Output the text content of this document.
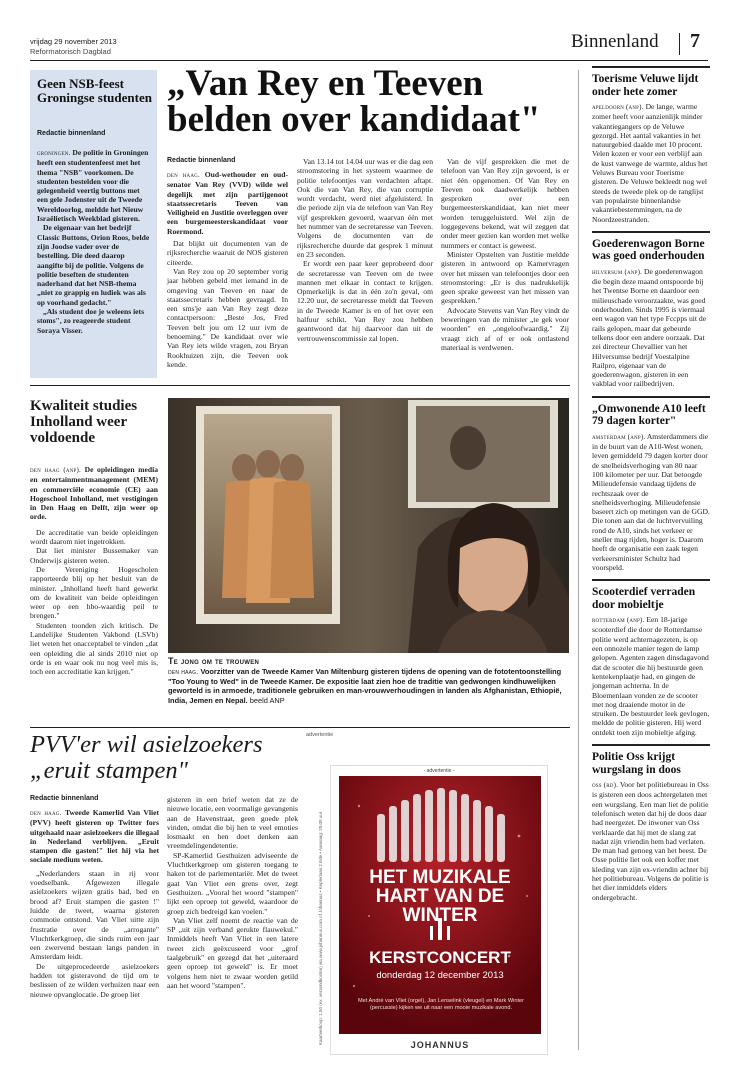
vrijdag 29 november 2013
Reformatorisch Dagblad	Binnenland 7
Geen NSB-feest Groningse studenten
Redactie binnenland
groningen. De politie in Groningen heeft een studentenfeest met het thema "NSB" voorkomen. De studenten bestelden voor die gelegenheid veertig buttons met een gele Jodenster uit de Tweede Wereldoorlog, meldde het Nieuw Israëlietisch Weekblad gisteren.

De eigenaar van het bedrijf Classic Buttons, Orion Roos, belde zijn Joodse vader over de bestelling. Die deed daarop aangifte bij de politie. Volgens de politie beseften de studenten naderhand dat het NSB-thema „niet zo grappig en ludiek was als op voorhand gedacht."

„Als student doe je weleens iets stoms", zo reageerde student Soraya Visser.

„Van Rey en Teeven belden over kandidaat"
Redactie binnenland
den haag. Oud-wethouder en oud-senator Van Rey (VVD) wilde wel degelijk met zijn partijgenoot staatssecretaris Teeven van Veiligheid en Justitie overleggen over een burgemeesterskandidaat voor Roermond.

Dat blijkt uit documenten van de rijksrecherche waaruit de NOS gisteren citeerde.

Van Rey zou op 20 september vorig jaar hebben gebeld met iemand in de omgeving van Teeven en naar de staatssecretaris hebben gevraagd. In een sms'je aan Van Rey zegt deze contactpersoon: „Beste Jos, Fred Teeven belt jou om 12 uur ivm de benoeming." De kandidaat over wie Van Rey iets wilde vragen, zou Bryan Rookhuizen zijn, die Teeven ook kende.

Van 13.14 tot 14.04 uur was er die dag een stroomstoring in het systeem waarmee de politie telefoontjes van verdachten aftapt. Ook die van Van Rey, die van corruptie wordt verdacht, werd niet afgeluisterd. In die periode zijn via de telefoon van Van Rey vijf gesprekken gevoerd, waarvan één met het nummer van de secretaresse van Teeven. Volgens de documenten van de rijksrecherche duurde dat gesprek 1 minuut en 23 seconden.

Er wordt een paar keer geprobeerd door de secretaresse van Teeven om de twee mannen met elkaar in contact te krijgen. Opmerkelijk is dat in één zo'n geval, om 12.20 uur, de secretaresse meldt dat Teeven in de Tweede Kamer is en of het over een halfuur schikt. Van Rey zou hebben geantwoord dat hij daarvoor dan uit de vertrouwenscommissie zal lopen.

Van de vijf gesprekken die met de telefoon van Van Rey zijn gevoerd, is er niet één opgenomen. Of Van Rey en Teeven ook daadwerkelijk hebben gesproken over een burgemeesterskandidaat, kan niet meer worden teruggeluisterd. Wel zijn de loggegevens bekend, wat wil zeggen dat onder meer gezien kan worden met welke nummers er contact is geweest.

Minister Opstelten van Justitie meldde gisteren in antwoord op Kamervragen over het missen van telefoontjes door een stroomstoring: „Er is dus nadrukkelijk geen sprake geweest van het missen van gesprekken."

Advocate Stevens van Van Rey vindt de beweringen van de minister „te gek voor woorden" en „ongeloofwaardig." Zij vraagt zich af of er ook ontlastend materiaal is verdwenen.

Kwaliteit studies Inholland weer voldoende
den haag (anp). De opleidingen media en entertainmentmanagement (MEM) en commerciële economie (CE) aan Hogeschool Inholland, met vestigingen in Den Haag en Delft, zijn weer op orde.

De accreditatie van beide opleidingen wordt daarom niet ingetrokken.

Dat liet minister Bussemaker van Onderwijs gisteren weten.

De Vereniging Hogescholen rapporteerde blij op het besluit van de minister. „Inholland heeft hard gewerkt om de kwaliteit van beide opleidingen weer op een hbo-waardig peil te brengen."

Studenten toonden zich kritisch. De Landelijke Studenten Vakbond (LSVb) liet weten het onacceptabel te vinden „dat een opleiding die al sinds 2010 niet op orde is en waar ook nu nog veel mis is, toch een accreditatie kan krijgen."

Te jong om te trouwen
den haag. Voorzitter van de Tweede Kamer Van Miltenburg gisteren tijdens de opening van de fototentoonstelling "Too Young to Wed" in de Tweede Kamer. De expositie laat zien hoe de traditie van gedwongen kindhuwelijken geworteld is in armoede, traditionele gebruiken en man-vrouwverhoudingen in landen als Afghanistan, Ethiopië, India, Jemen en Nepal. beeld ANP
PVV'er wil asielzoekers
„eruit stampen"
Redactie binnenland
den haag. Tweede Kamerlid Van Vliet (PVV) heeft gisteren op Twitter fors uitgehaald naar asielzoekers die illegaal in Nederland verblijven. „Eruit stampen die gasten!" liet hij via het sociale medium weten.

„Nederlanders staan in rij voor voedselbank. Afgewezen illegale asielzoekers wijzen gratis bad, bed en brood af? Eruit stampen die gasten !" luidde de tweet, waarna gisteren commotie ontstond. Van Vliet uitte zijn frustratie over de „arrogante" Vluchtkerkgroep, die sinds ruim een jaar een zwervend bestaan langs panden in Amsterdam leidt.

De uitgeprocedeerde asielzoekers hadden tot gisteravond de tijd om te beslissen of ze wilden verhuizen naar een nieuwe opvanglocatie. De groep liet

gisteren in een brief weten dat ze de nieuwe locatie, een voormalige gevangenis aan de Havenstraat, geen goede plek vinden, omdat die bij hen te veel emoties losmaakt en hen doet denken aan vreemdelingendetentie.

SP-Kamerlid Gesthuizen adviseerde de Vluchtkerkgroep om gisteren toegang te haken tot de parlementariër. Met de tweet gaat Van Vliet een grens over, zegt Gesthuizen. „Vooral het woord "stampen" lijkt een oproep tot geweld, waardoor de groep zich bedreigd kan voelen."

Van Vliet zelf noemt de reactie van de SP „uit zijn verband gerukte flauwekul." Inmiddels heeft Van Vliet in een latere tweet zich geëxcuseerd voor „grof taalgebruik" en gezegd dat het „uiteraard geen oproep tot geweld" is. Er moet volgens hem niet te zwaar worden getild aan het woord "stampen".

advertentie
- advertentie -
HET MUZIKALE
HART VAN DE
WINTER
KERSTCONCERT
donderdag 12 december 2013
Met André van Vliet (orgel), Jan Lenselink (vleugel) en Mark Winter (percussie) kijken we uit naar een mooie muzikale avond.
JOHANNUS
Kaartverkoop: 1,50 (ex. verzendkosten) via www.johannus.com of Johannus • Keplerlaan 2 Ede • Aanvang: 20.00 uur
Toerisme Veluwe lijdt onder hete zomer
apeldoorn (anp). De lange, warme zomer heeft voor aanzienlijk minder vakantiegangers op de Veluwe gezorgd. Het aantal vakanties in het natuurgebied daalde met 10 procent. Velen kozen er voor een verblijf aan de kust vanwege de warmte, aldus het Veluws Bureau voor Toerisme gisteren. De Veluwe bekleedt nog wel steeds de tweede plek op de ranglijst van populairste binnenlandse vakantiebestemmingen, na de Noordzeestranden.
Goederenwagon Borne was goed onderhouden
hilversum (anp). De goederenwagon die begin deze maand ontspoorde bij het Twentse Borne en daardoor een milieuschade veroorzaakte, was goed onderhouden. Sinds 1995 is viermaal een wagon van het type Fccpps uit de rails gelopen, maar dat gebeurde telkens door een andere oorzaak. Dat zei directeur Chevallier van het Hilversumse bedrijf Voestalpine Railpro, eigenaar van de goederenwagon, gisteren in een vakblad voor railbedrijven.
„Omwonende A10 leeft 79 dagen korter"
amsterdam (anp). Amsterdammers die in de buurt van de A10-West wonen, leven gemiddeld 79 dagen korter door de snelheidsverhoging van 80 naar 100 kilometer per uur. Dat betoogde Milieudefensie vandaag tijdens de rechtszaak over de snelheidsverhoging. Milieudefensie baseert zich op metingen van de GGD. Die tonen aan dat de luchtvervuiling rond de A10, sinds het verkeer er sneller mag rijden, hoger is. Daarom heeft de organisatie een zaak tegen verkeersminister Schultz had voorspeld.
Scooterdief verraden door mobieltje
rotterdam (anp). Een 18-jarige scooterdief die door de Rotterdamse politie werd achternagezeten, is op een onnozele manier tegen de lamp gelopen. Agenten zagen dinsdagavond dat de scooter die hij bestuurde geen kentekenplaatje had, en gingen de jongeman achterna. In de Bloemenlaan vonden ze de scooter met nog draaiende motor in de struiken. De bestuurder leek gevlogen, meldde de politie gisteren. Hij werd ontdekt toen zijn mobieltje afging.
Politie Oss krijgt wurgslang in doos
oss (rd). Voor het politiebureau in Oss is gisteren een doos achtergelaten met een wurgslang. Een man liet de politie telefonisch weten dat hij de doos daar had neergezet. De inwoner van Oss verklaarde dat hij met de slang zat nadat zijn vriendin hem had verlaten. De man had genoeg van het beest. De Osse politie liet ook een koffer met kleding van zijn ex-vriendin achter bij het politiebureau. Volgens de politie is het dier inmiddels elders ondergebracht.
